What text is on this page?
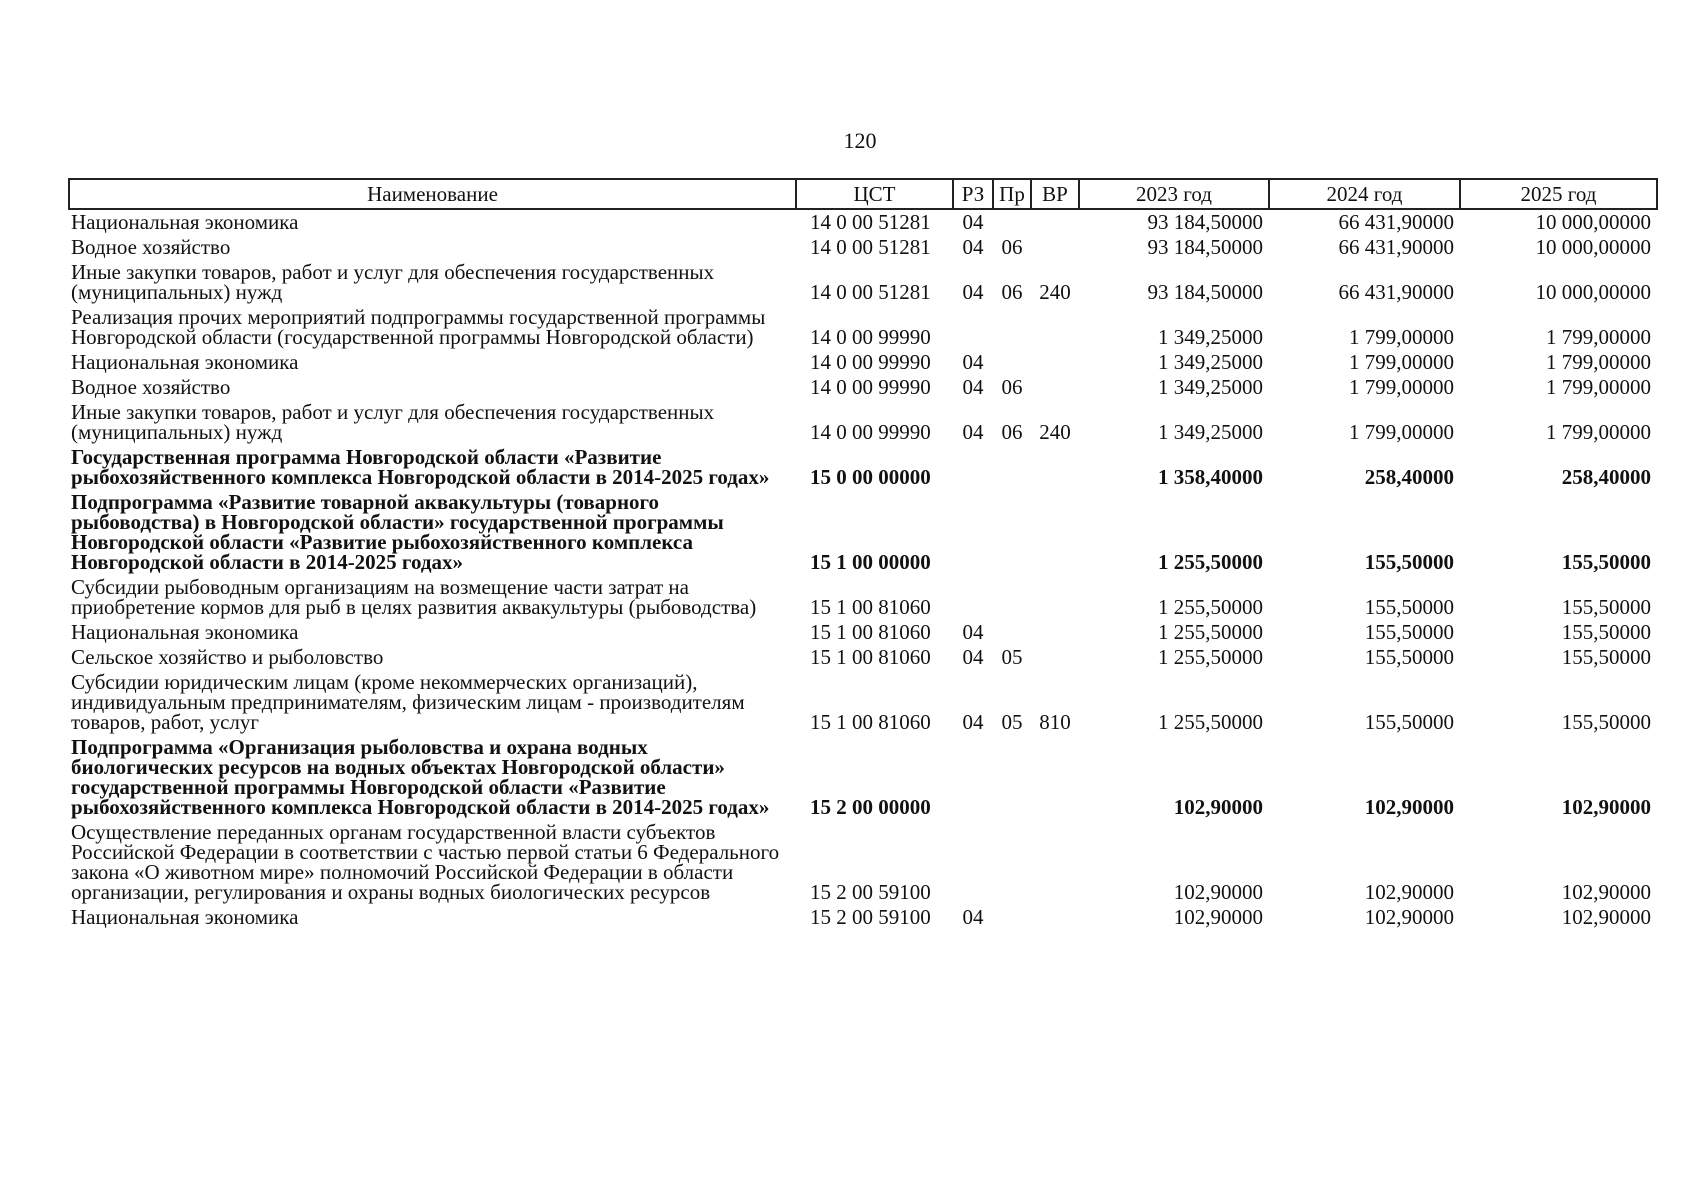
120
Наименование	ЦСТ	РЗ	Пр	ВР	2023 год	2024 год	2025 год
Национальная экономика	14 0 00 51281	04			93 184,50000	66 431,90000	10 000,00000
Водное хозяйство	14 0 00 51281	04	06		93 184,50000	66 431,90000	10 000,00000
Иные закупки товаров, работ и услуг для обеспечения государственных (муниципальных) нужд	14 0 00 51281	04	06	240	93 184,50000	66 431,90000	10 000,00000
Реализация прочих мероприятий подпрограммы государственной программы Новгородской области (государственной программы Новгородской области)	14 0 00 99990				1 349,25000	1 799,00000	1 799,00000
Национальная экономика	14 0 00 99990	04			1 349,25000	1 799,00000	1 799,00000
Водное хозяйство	14 0 00 99990	04	06		1 349,25000	1 799,00000	1 799,00000
Иные закупки товаров, работ и услуг для обеспечения государственных (муниципальных) нужд	14 0 00 99990	04	06	240	1 349,25000	1 799,00000	1 799,00000
Государственная программа Новгородской области «Развитие рыбохозяйственного комплекса Новгородской области в 2014-2025 годах»	15 0 00 00000				1 358,40000	258,40000	258,40000
Подпрограмма «Развитие товарной аквакультуры (товарного рыбоводства) в Новгородской области» государственной программы Новгородской области «Развитие рыбохозяйственного комплекса Новгородской области в 2014-2025 годах»	15 1 00 00000				1 255,50000	155,50000	155,50000
Субсидии рыбоводным организациям на возмещение части затрат на приобретение кормов для рыб в целях развития аквакультуры (рыбоводства)	15 1 00 81060				1 255,50000	155,50000	155,50000
Национальная экономика	15 1 00 81060	04			1 255,50000	155,50000	155,50000
Сельское хозяйство и рыболовство	15 1 00 81060	04	05		1 255,50000	155,50000	155,50000
Субсидии юридическим лицам (кроме некоммерческих организаций), индивидуальным предпринимателям, физическим лицам - производителям товаров, работ, услуг	15 1 00 81060	04	05	810	1 255,50000	155,50000	155,50000
Подпрограмма «Организация рыболовства и охрана водных биологических ресурсов на водных объектах Новгородской области» государственной программы Новгородской области «Развитие рыбохозяйственного комплекса Новгородской области в 2014-2025 годах»	15 2 00 00000				102,90000	102,90000	102,90000
Осуществление переданных органам государственной власти субъектов Российской Федерации в соответствии с частью первой статьи 6 Федерального закона «О животном мире» полномочий Российской Федерации в области организации, регулирования и охраны водных биологических ресурсов	15 2 00 59100				102,90000	102,90000	102,90000
Национальная экономика	15 2 00 59100	04			102,90000	102,90000	102,90000
